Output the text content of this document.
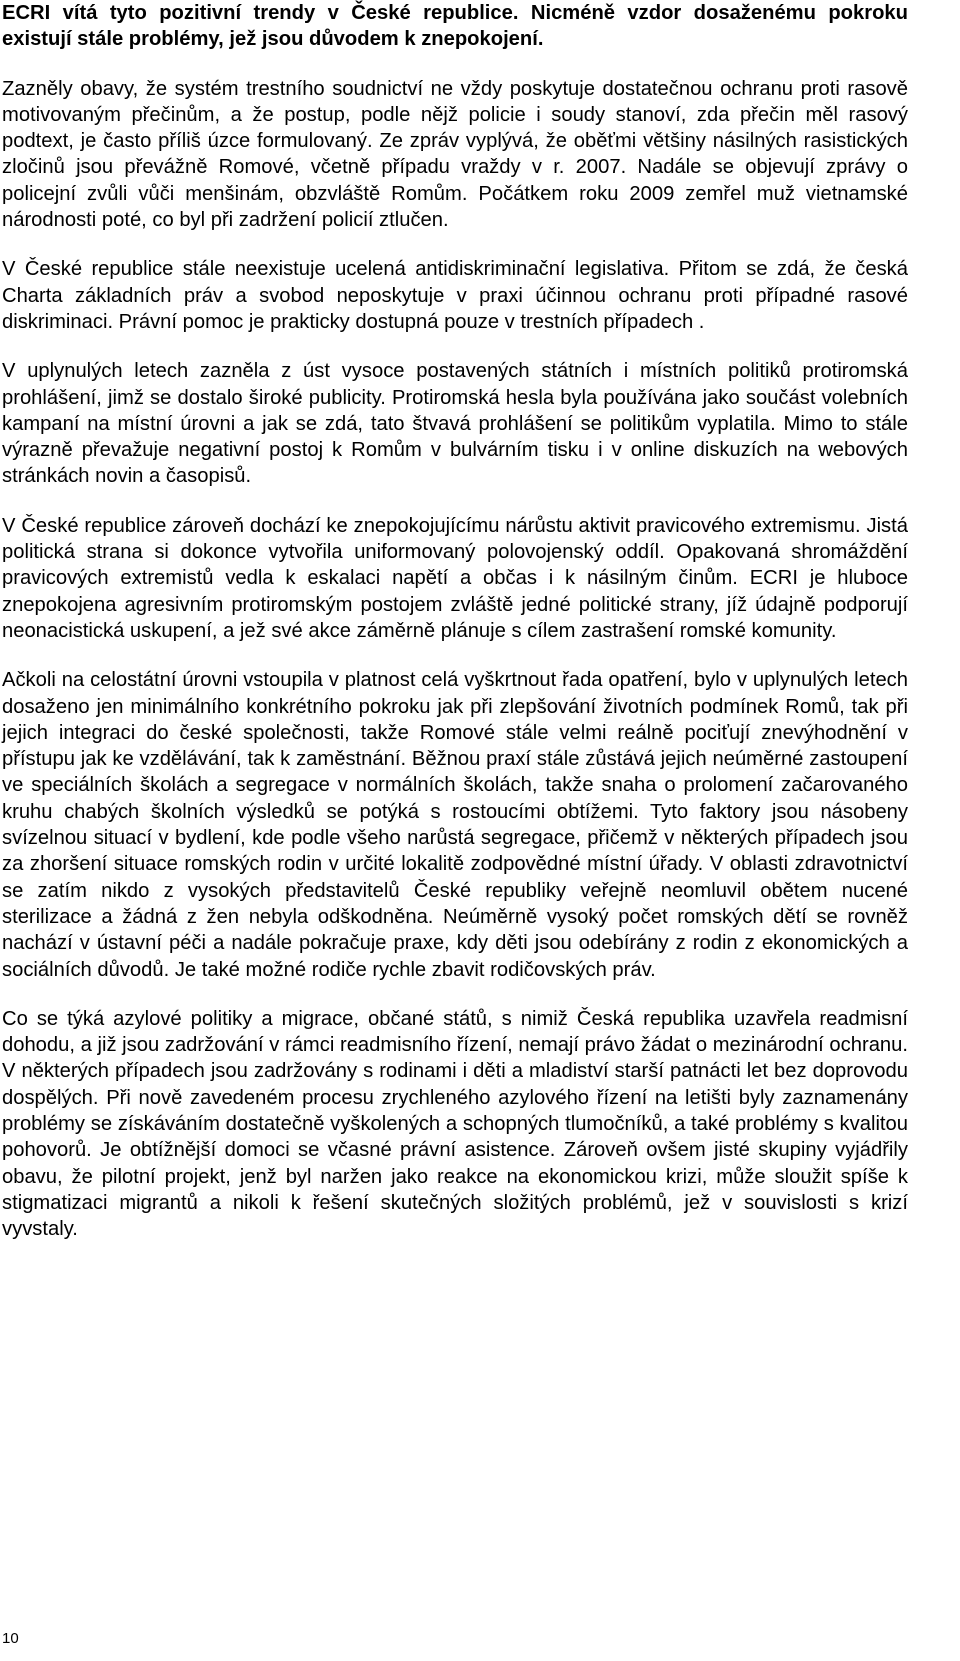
ECRI vítá tyto pozitivní trendy v České republice. Nicméně vzdor dosaženému pokroku existují stále problémy, jež jsou důvodem k znepokojení.

Zazněly obavy, že systém trestního soudnictví ne vždy poskytuje dostatečnou ochranu proti rasově motivovaným přečinům, a že postup, podle nějž policie i soudy stanoví, zda přečin měl rasový podtext, je často příliš úzce formulovaný. Ze zpráv vyplývá, že oběťmi většiny násilných rasistických zločinů jsou převážně Romové, včetně případu vraždy v r. 2007. Nadále se objevují zprávy o policejní zvůli vůči menšinám, obzvláště Romům. Počátkem roku 2009 zemřel muž vietnamské národnosti poté, co byl při zadržení policií ztlučen.

V České republice stále neexistuje ucelená antidiskriminační legislativa. Přitom se zdá, že česká Charta základních práv a svobod neposkytuje v praxi účinnou ochranu proti případné rasové diskriminaci. Právní pomoc je prakticky dostupná pouze v trestních případech .

V uplynulých letech zazněla z úst vysoce postavených státních i místních politiků protiromská prohlášení, jimž se dostalo široké publicity. Protiromská hesla byla používána jako součást volebních kampaní na místní úrovni a jak se zdá, tato štvavá prohlášení se politikům vyplatila. Mimo to stále výrazně převažuje negativní postoj k Romům v bulvárním tisku i v online diskuzích na webových stránkách novin a časopisů.

V České republice zároveň dochází ke znepokojujícímu nárůstu aktivit pravicového extremismu. Jistá politická strana si dokonce vytvořila uniformovaný polovojenský oddíl. Opakovaná shromáždění pravicových extremistů vedla k eskalaci napětí a občas i k násilným činům. ECRI je hluboce znepokojena agresivním protiromským postojem zvláště jedné politické strany, jíž údajně podporují neonacistická uskupení, a jež své akce záměrně plánuje s cílem zastrašení romské komunity.

Ačkoli na celostátní úrovni vstoupila v platnost celá vyškrtnout řada opatření, bylo v uplynulých letech dosaženo jen minimálního konkrétního pokroku jak při zlepšování životních podmínek Romů, tak při jejich integraci do české společnosti, takže Romové stále velmi reálně pociťují znevýhodnění v přístupu jak ke vzdělávání, tak k zaměstnání. Běžnou praxí stále zůstává jejich neúměrné zastoupení ve speciálních školách a segregace v normálních školách, takže snaha o prolomení začarovaného kruhu chabých školních výsledků se potýká s rostoucími obtížemi. Tyto faktory jsou násobeny svízelnou situací v bydlení, kde podle všeho narůstá segregace, přičemž v některých případech jsou za zhoršení situace romských rodin v určité lokalitě zodpovědné místní úřady. V oblasti zdravotnictví se zatím nikdo z vysokých představitelů České republiky veřejně neomluvil obětem nucené sterilizace a žádná z žen nebyla odškodněna. Neúměrně vysoký počet romských dětí se rovněž nachází v ústavní péči a nadále pokračuje praxe, kdy děti jsou odebírány z rodin z ekonomických a sociálních důvodů. Je také možné rodiče rychle zbavit rodičovských práv.

Co se týká azylové politiky a migrace, občané států, s nimiž Česká republika uzavřela readmisní dohodu, a již jsou zadržování v rámci readmisního řízení, nemají právo žádat o mezinárodní ochranu. V některých případech jsou zadržovány s rodinami i děti a mladiství starší patnácti let bez doprovodu dospělých. Při nově zavedeném procesu zrychleného azylového řízení na letišti byly zaznamenány problémy se získáváním dostatečně vyškolených a schopných tlumočníků, a také problémy s kvalitou pohovorů. Je obtížnější domoci se včasné právní asistence. Zároveň ovšem jisté skupiny vyjádřily obavu, že pilotní projekt, jenž byl naržen jako reakce na ekonomickou krizi, může sloužit spíše k stigmatizaci migrantů a nikoli k řešení skutečných složitých problémů, jež v souvislosti s krizí vyvstaly.

10
